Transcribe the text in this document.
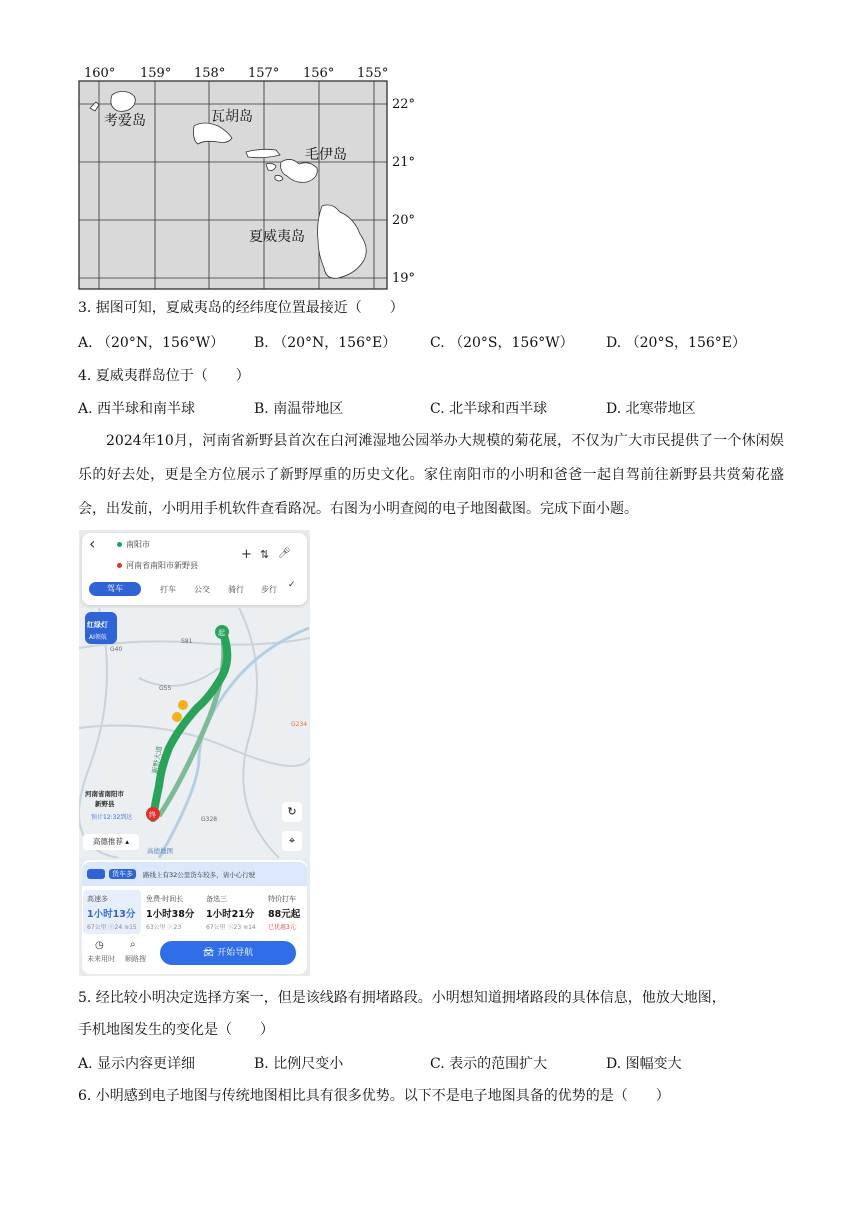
160° 159° 158° 157° 156° 155°
考爱岛	瓦胡岛
毛伊岛
夏威夷岛
22°
21°
20°
19°
3. 据图可知，夏威夷岛的经纬度位置最接近（　　）
A. （20°N，156°W） B. （20°N，156°E） C. （20°S，156°W） D. （20°S，156°E）
4. 夏威夷群岛位于（　　）
A. 西半球和南半球	B. 南温带地区	C. 北半球和西半球	D. 北寒带地区
2024年10月，河南省新野县首次在白河滩湿地公园举办大规模的菊花展，不仅为广大市民提供了一个休闲娱乐的好去处，更是全方位展示了新野厚重的历史文化。家住南阳市的小明和爸爸一起自驾前往新野县共赏菊花盛会，出发前，小明用手机软件查看路况。右图为小明查阅的电子地图截图。完成下面小题。
‹	南阳市
河南省南阳市新野县
+ ⇅ 🎤︎
驾车	打车 公交 骑行 步行 ✓
起
终
S81
G55
G40
G234
G328
河南省南阳市
新野县
预计12:32到达
新野大道
红绿灯
AI领航
↻
⌖
高德推荐 ▴
高德地图
货车多	路线上有32公里货车较多，请小心行驶
高速多
1小时13分
67公里 ⓢ24 ≋15
免费·时间长
1小时38分
63公里 ⓢ23
备选三
1小时21分
67公里 ⓢ23 ≋14
特价打车
88元起
已优惠3元
◷
未来用时
⌕
顺路搜
🚘︎ 开始导航
5. 经比较小明决定选择方案一，但是该线路有拥堵路段。小明想知道拥堵路段的具体信息，他放大地图，
手机地图发生的变化是（　　）
A. 显示内容更详细	B. 比例尺变小	C. 表示的范围扩大	D. 图幅变大
6. 小明感到电子地图与传统地图相比具有很多优势。以下不是电子地图具备的优势的是（　　）
